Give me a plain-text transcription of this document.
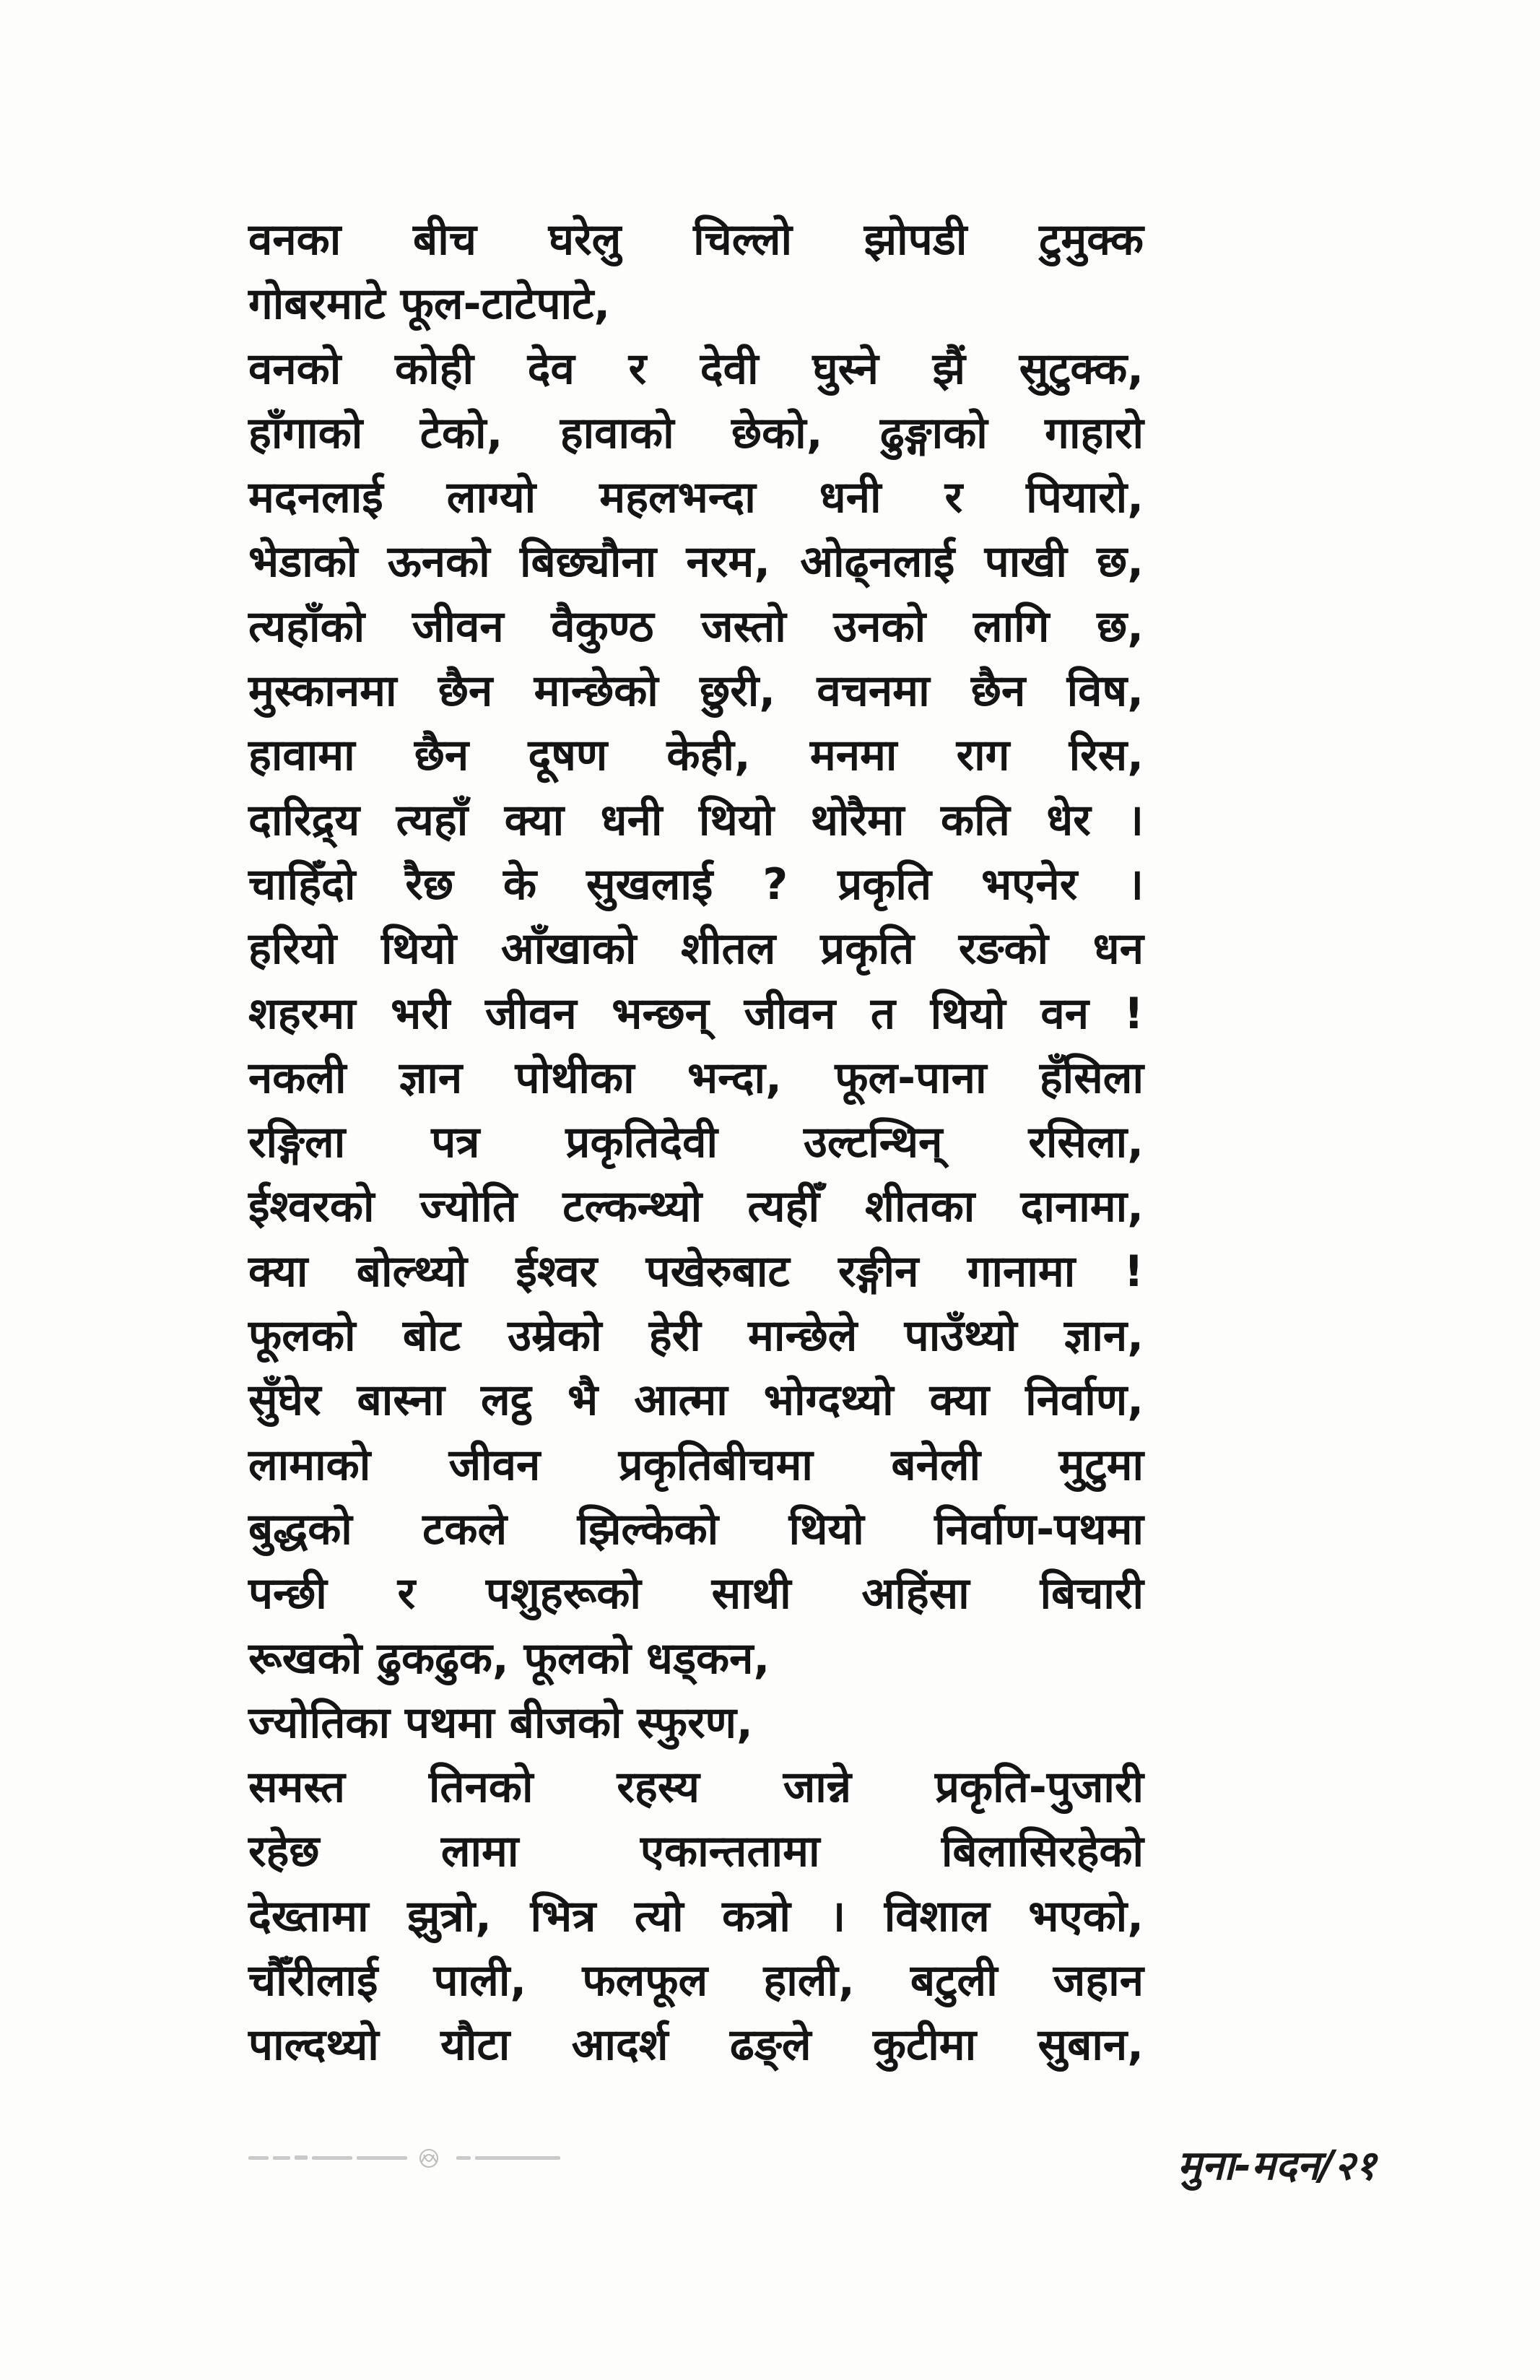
वनका बीच घरेलु चिल्लो झोपडी टुमुक्क

गोबरमाटे फूल-टाटेपाटे,

वनको कोही देव र देवी घुस्ने झैं सुटुक्क,

हाँगाको टेको, हावाको छेको, ढुङ्गाको गाहारो

मदनलाई लाग्यो महलभन्दा धनी र पियारो,

भेडाको ऊनको बिछ्यौना नरम, ओढ्नलाई पाखी छ,

त्यहाँको जीवन वैकुण्ठ जस्तो उनको लागि छ,

मुस्कानमा छैन मान्छेको छुरी, वचनमा छैन विष,

हावामा छैन दूषण केही, मनमा राग रिस,

दारिद्र्य त्यहाँ क्या धनी थियो थोरैमा कति धेर ।

चाहिँदो रैछ के सुखलाई ? प्रकृति भएनेर ।

हरियो थियो आँखाको शीतल प्रकृति रङको धन

शहरमा भरी जीवन भन्छन् जीवन त थियो वन !

नकली ज्ञान पोथीका भन्दा, फूल-पाना हँसिला

रङ्गिला पत्र प्रकृतिदेवी उल्टन्थिन् रसिला,

ईश्वरको ज्योति टल्कन्थ्यो त्यहीँ शीतका दानामा,

क्या बोल्थ्यो ईश्वर पखेरुबाट रङ्गीन गानामा !

फूलको बोट उम्रेको हेरी मान्छेले पाउँथ्यो ज्ञान,

सुँघेर बास्ना लट्ठ भै आत्मा भोग्दथ्यो क्या निर्वाण,

लामाको जीवन प्रकृतिबीचमा बनेली मुटुमा

बुद्धको टकले झिल्केको थियो निर्वाण-पथमा

पन्छी र पशुहरूको साथी अहिंसा बिचारी

रूखको ढुकढुक, फूलको धड्कन,

ज्योतिका पथमा बीजको स्फुरण,

समस्त तिनको रहस्य जान्ने प्रकृति-पुजारी

रहेछ लामा एकान्ततामा बिलासिरहेको

देख्तामा झुत्रो, भित्र त्यो कत्रो । विशाल भएको,

चौँरीलाई पाली, फलफूल हाली, बटुली जहान

पाल्दथ्यो यौटा आदर्श ढङ्ले कुटीमा सुबान,

मुना-मदन/२१
